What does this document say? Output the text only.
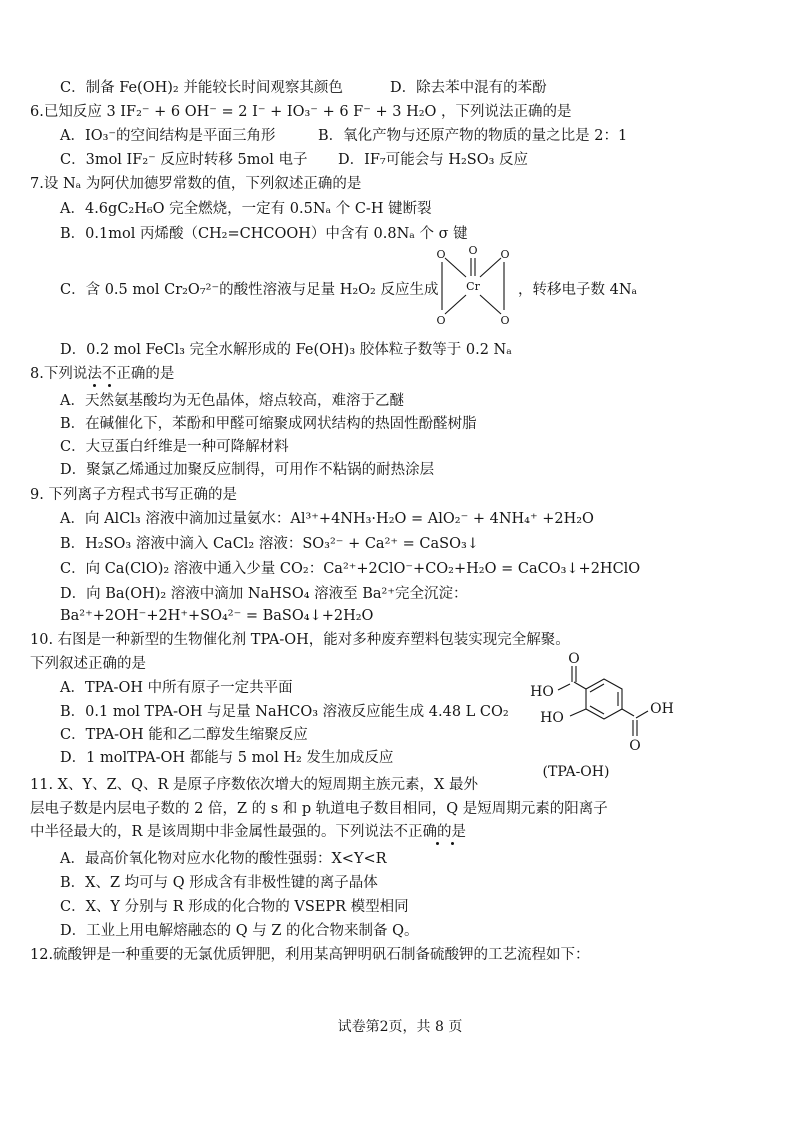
C．制备 Fe(OH)₂ 并能较长时间观察其颜色	D．除去苯中混有的苯酚
6.已知反应 3 IF₂⁻ + 6 OH⁻ = 2 I⁻ + IO₃⁻ + 6 F⁻ + 3 H₂O ，下列说法正确的是
A．IO₃⁻的空间结构是平面三角形	B．氧化产物与还原产物的物质的量之比是 2：1
C．3mol IF₂⁻ 反应时转移 5mol 电子 D．IF₇可能会与 H₂SO₃ 反应
7.设 Nₐ 为阿伏加德罗常数的值，下列叙述正确的是
A．4.6gC₂H₆O 完全燃烧，一定有 0.5Nₐ 个 C-H 键断裂
B．0.1mol 丙烯酸（CH₂=CHCOOH）中含有 0.8Nₐ 个 σ 键
C．含 0.5 mol Cr₂O₇²⁻的酸性溶液与足量 H₂O₂ 反应生成
O O O
Cr
O	O
，转移电子数 4Nₐ
D．0.2 mol FeCl₃ 完全水解形成的 Fe(OH)₃ 胶体粒子数等于 0.2 Nₐ
8.下列说法不正确的是
A．天然氨基酸均为无色晶体，熔点较高，难溶于乙醚
B．在碱催化下，苯酚和甲醛可缩聚成网状结构的热固性酚醛树脂
C．大豆蛋白纤维是一种可降解材料
D．聚氯乙烯通过加聚反应制得，可用作不粘锅的耐热涂层
9. 下列离子方程式书写正确的是
A．向 AlCl₃ 溶液中滴加过量氨水：Al³⁺+4NH₃·H₂O = AlO₂⁻ + 4NH₄⁺ +2H₂O
B．H₂SO₃ 溶液中滴入 CaCl₂ 溶液：SO₃²⁻ + Ca²⁺ = CaSO₃↓
C．向 Ca(ClO)₂ 溶液中通入少量 CO₂：Ca²⁺+2ClO⁻+CO₂+H₂O = CaCO₃↓+2HClO
D．向 Ba(OH)₂ 溶液中滴加 NaHSO₄ 溶液至 Ba²⁺完全沉淀：
Ba²⁺+2OH⁻+2H⁺+SO₄²⁻ = BaSO₄↓+2H₂O
10. 右图是一种新型的生物催化剂 TPA-OH，能对多种废弃塑料包装实现完全解聚。
下列叙述正确的是
A．TPA-OH 中所有原子一定共平面
B．0.1 mol TPA-OH 与足量 NaHCO₃ 溶液反应能生成 4.48 L CO₂
C．TPA-OH 能和乙二醇发生缩聚反应
D．1 molTPA-OH 都能与 5 mol H₂ 发生加成反应
O
HO
HO
OH
O
(TPA-OH)
11. X、Y、Z、Q、R 是原子序数依次增大的短周期主族元素，X 最外
层电子数是内层电子数的 2 倍，Z 的 s 和 p 轨道电子数目相同，Q 是短周期元素的阳离子
中半径最大的，R 是该周期中非金属性最强的。下列说法不正确的是
A．最高价氧化物对应水化物的酸性强弱：X<Y<R
B．X、Z 均可与 Q 形成含有非极性键的离子晶体
C．X、Y 分别与 R 形成的化合物的 VSEPR 模型相同
D．工业上用电解熔融态的 Q 与 Z 的化合物来制备 Q。
12.硫酸钾是一种重要的无氯优质钾肥，利用某高钾明矾石制备硫酸钾的工艺流程如下：
试卷第2页，共 8 页
